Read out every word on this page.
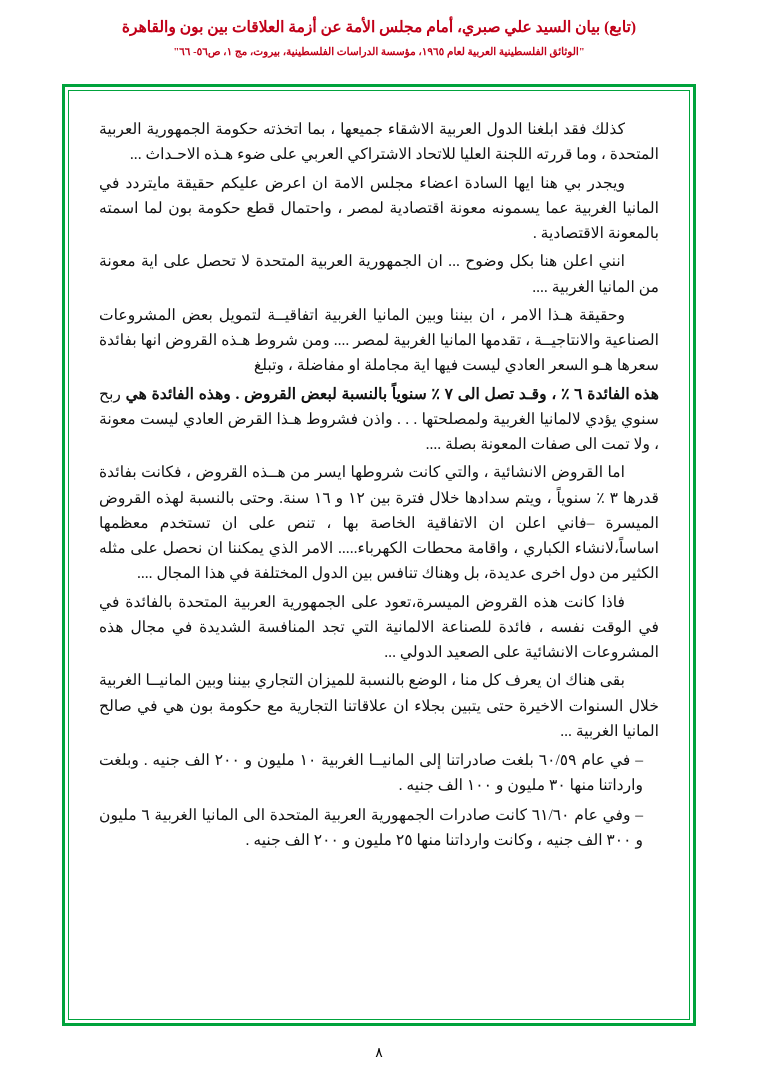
(تابع) بيان السيد علي صبري، أمام مجلس الأمة عن أزمة العلاقات بين بون والقاهرة
"الوثائق الفلسطينية العربية لعام ١٩٦٥، مؤسسة الدراسات الفلسطينية، بيروت، مج ١، ص٥٦- ٦٦"

كذلك فقد ابلغنا الدول العربية الاشقاء جميعها ، بما اتخذته حكومة الجمهورية العربية المتحدة ، وما قررته اللجنة العليا للاتحاد الاشتراكي العربي على ضوء هـذه الاحـداث ...

ويجدر بي هنا ايها السادة اعضاء مجلس الامة ان اعرض عليكم حقيقة مايتردد في المانيا الغربية عما يسمونه معونة اقتصادية لمصر ، واحتمال قطع حكومة بون لما اسمته بالمعونة الاقتصادية .

انني اعلن هنا بكل وضوح ... ان الجمهورية العربية المتحدة لا تحصل على اية معونة من المانيا الغربية ....

وحقيقة هـذا الامر ، ان بيننا وبين المانيا الغربية اتفاقيــة لتمويل بعض المشروعات الصناعية والانتاجيــة ، تقدمها المانيا الغربية لمصر .... ومن شروط هـذه القروض انها بفائدة سعرها هـو السعر العادي ليست فيها اية مجاملة او مفاضلة ، وتبلغ

هذه الفائدة ٦ ٪ ، وقـد تصل الى ٧ ٪ سنوياً بالنسبة لبعض القروض . وهذه الفائدة هي ربح سنوي يؤدي لالمانيا الغربية ولمصلحتها . . . واذن فشروط هـذا القرض العادي ليست معونة ، ولا تمت الى صفات المعونة بصلة ....

اما القروض الانشائية ، والتي كانت شروطها ايسر من هــذه القروض ، فكانت بفائدة قدرها ٣ ٪ سنوياً ، ويتم سدادها خلال فترة بين ١٢ و ١٦ سنة. وحتى بالنسبة لهذه القروض الميسرة –فاني اعلن ان الاتفاقية الخاصة بها ، تنص على ان تستخدم معظمها اساساً،لانشاء الكباري ، واقامة محطات الكهرباء..... الامر الذي يمكننا ان نحصل على مثله الكثير من دول اخرى عديدة، بل وهناك تنافس بين الدول المختلفة في هذا المجال ....

فاذا كانت هذه القروض الميسرة،تعود على الجمهورية العربية المتحدة بالفائدة في في الوقت نفسه ، فائدة للصناعة الالمانية التي تجد المنافسة الشديدة في مجال هذه المشروعات الانشائية على الصعيد الدولي ...

بقى هناك ان يعرف كل منا ، الوضع بالنسبة للميزان التجاري بيننا وبين المانيــا الغربية خلال السنوات الاخيرة حتى يتبين بجلاء ان علاقاتنا التجارية مع حكومة بون هي في صالح المانيا الغربية ...

– في عام ٦٠/٥٩ بلغت صادراتنا إلى المانيــا الغربية ١٠ مليون و ٢٠٠ الف جنيه . وبلغت وارداتنا منها ٣٠ مليون و ١٠٠ الف جنيه .

– وفي عام ٦١/٦٠ كانت صادرات الجمهورية العربية المتحدة الى المانيا الغربية ٦ مليون و ٣٠٠ الف جنيه ، وكانت وارداتنا منها ٢٥ مليون و ٢٠٠ الف جنيه .

٨
